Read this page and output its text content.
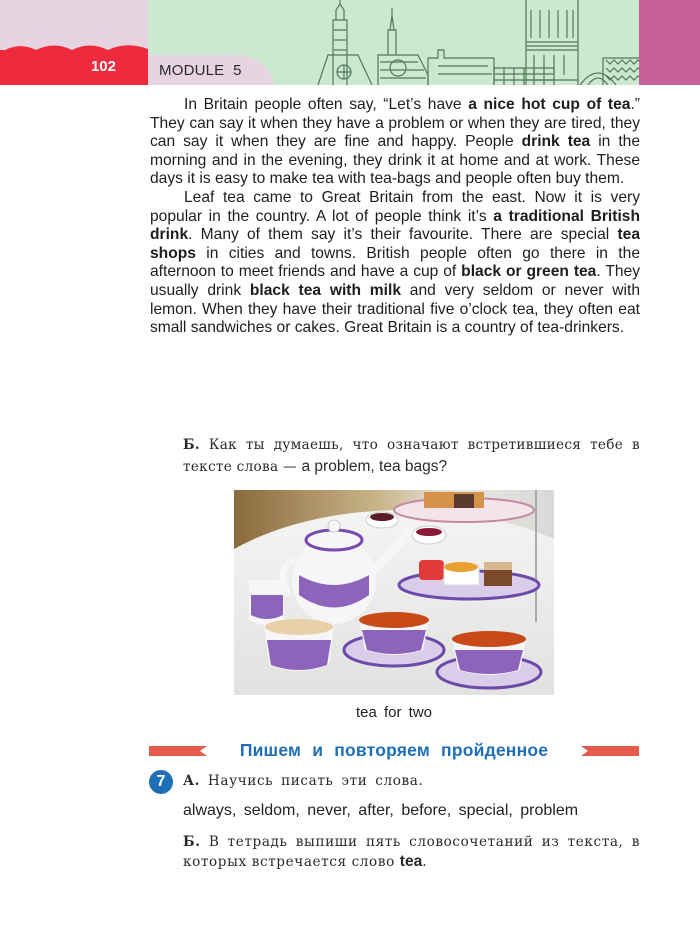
102	MODULE  5

In Britain people often say, “Let’s have a nice hot cup of tea.” They can say it when they have a problem or when they are tired, they can say it when they are fine and happy. People drink tea in the morning and in the evening, they drink it at home and at work. These days it is easy to make tea with tea-bags and people often buy them.

Leaf tea came to Great Britain from the east. Now it is very popular in the country. A lot of people think it’s a traditional British drink. Many of them say it’s their favourite. There are special tea shops in cities and towns. British people often go there in the afternoon to meet friends and have a cup of black or green tea. They usually drink black tea with milk and very seldom or never with lemon. When they have their traditional five o’clock tea, they often eat small sandwiches or cakes. Great Britain is a country of tea-drinkers.

Б. Как ты думаешь, что означают встретившиеся тебе в тексте слова — a problem, tea bags?
tea for two
Пишем и повторяем пройденное
7	А. Научись писать эти слова.
always, seldom, never, after, before, special, problem
Б. В тетрадь выпиши пять словосочетаний из текста, в которых встречается слово tea.
